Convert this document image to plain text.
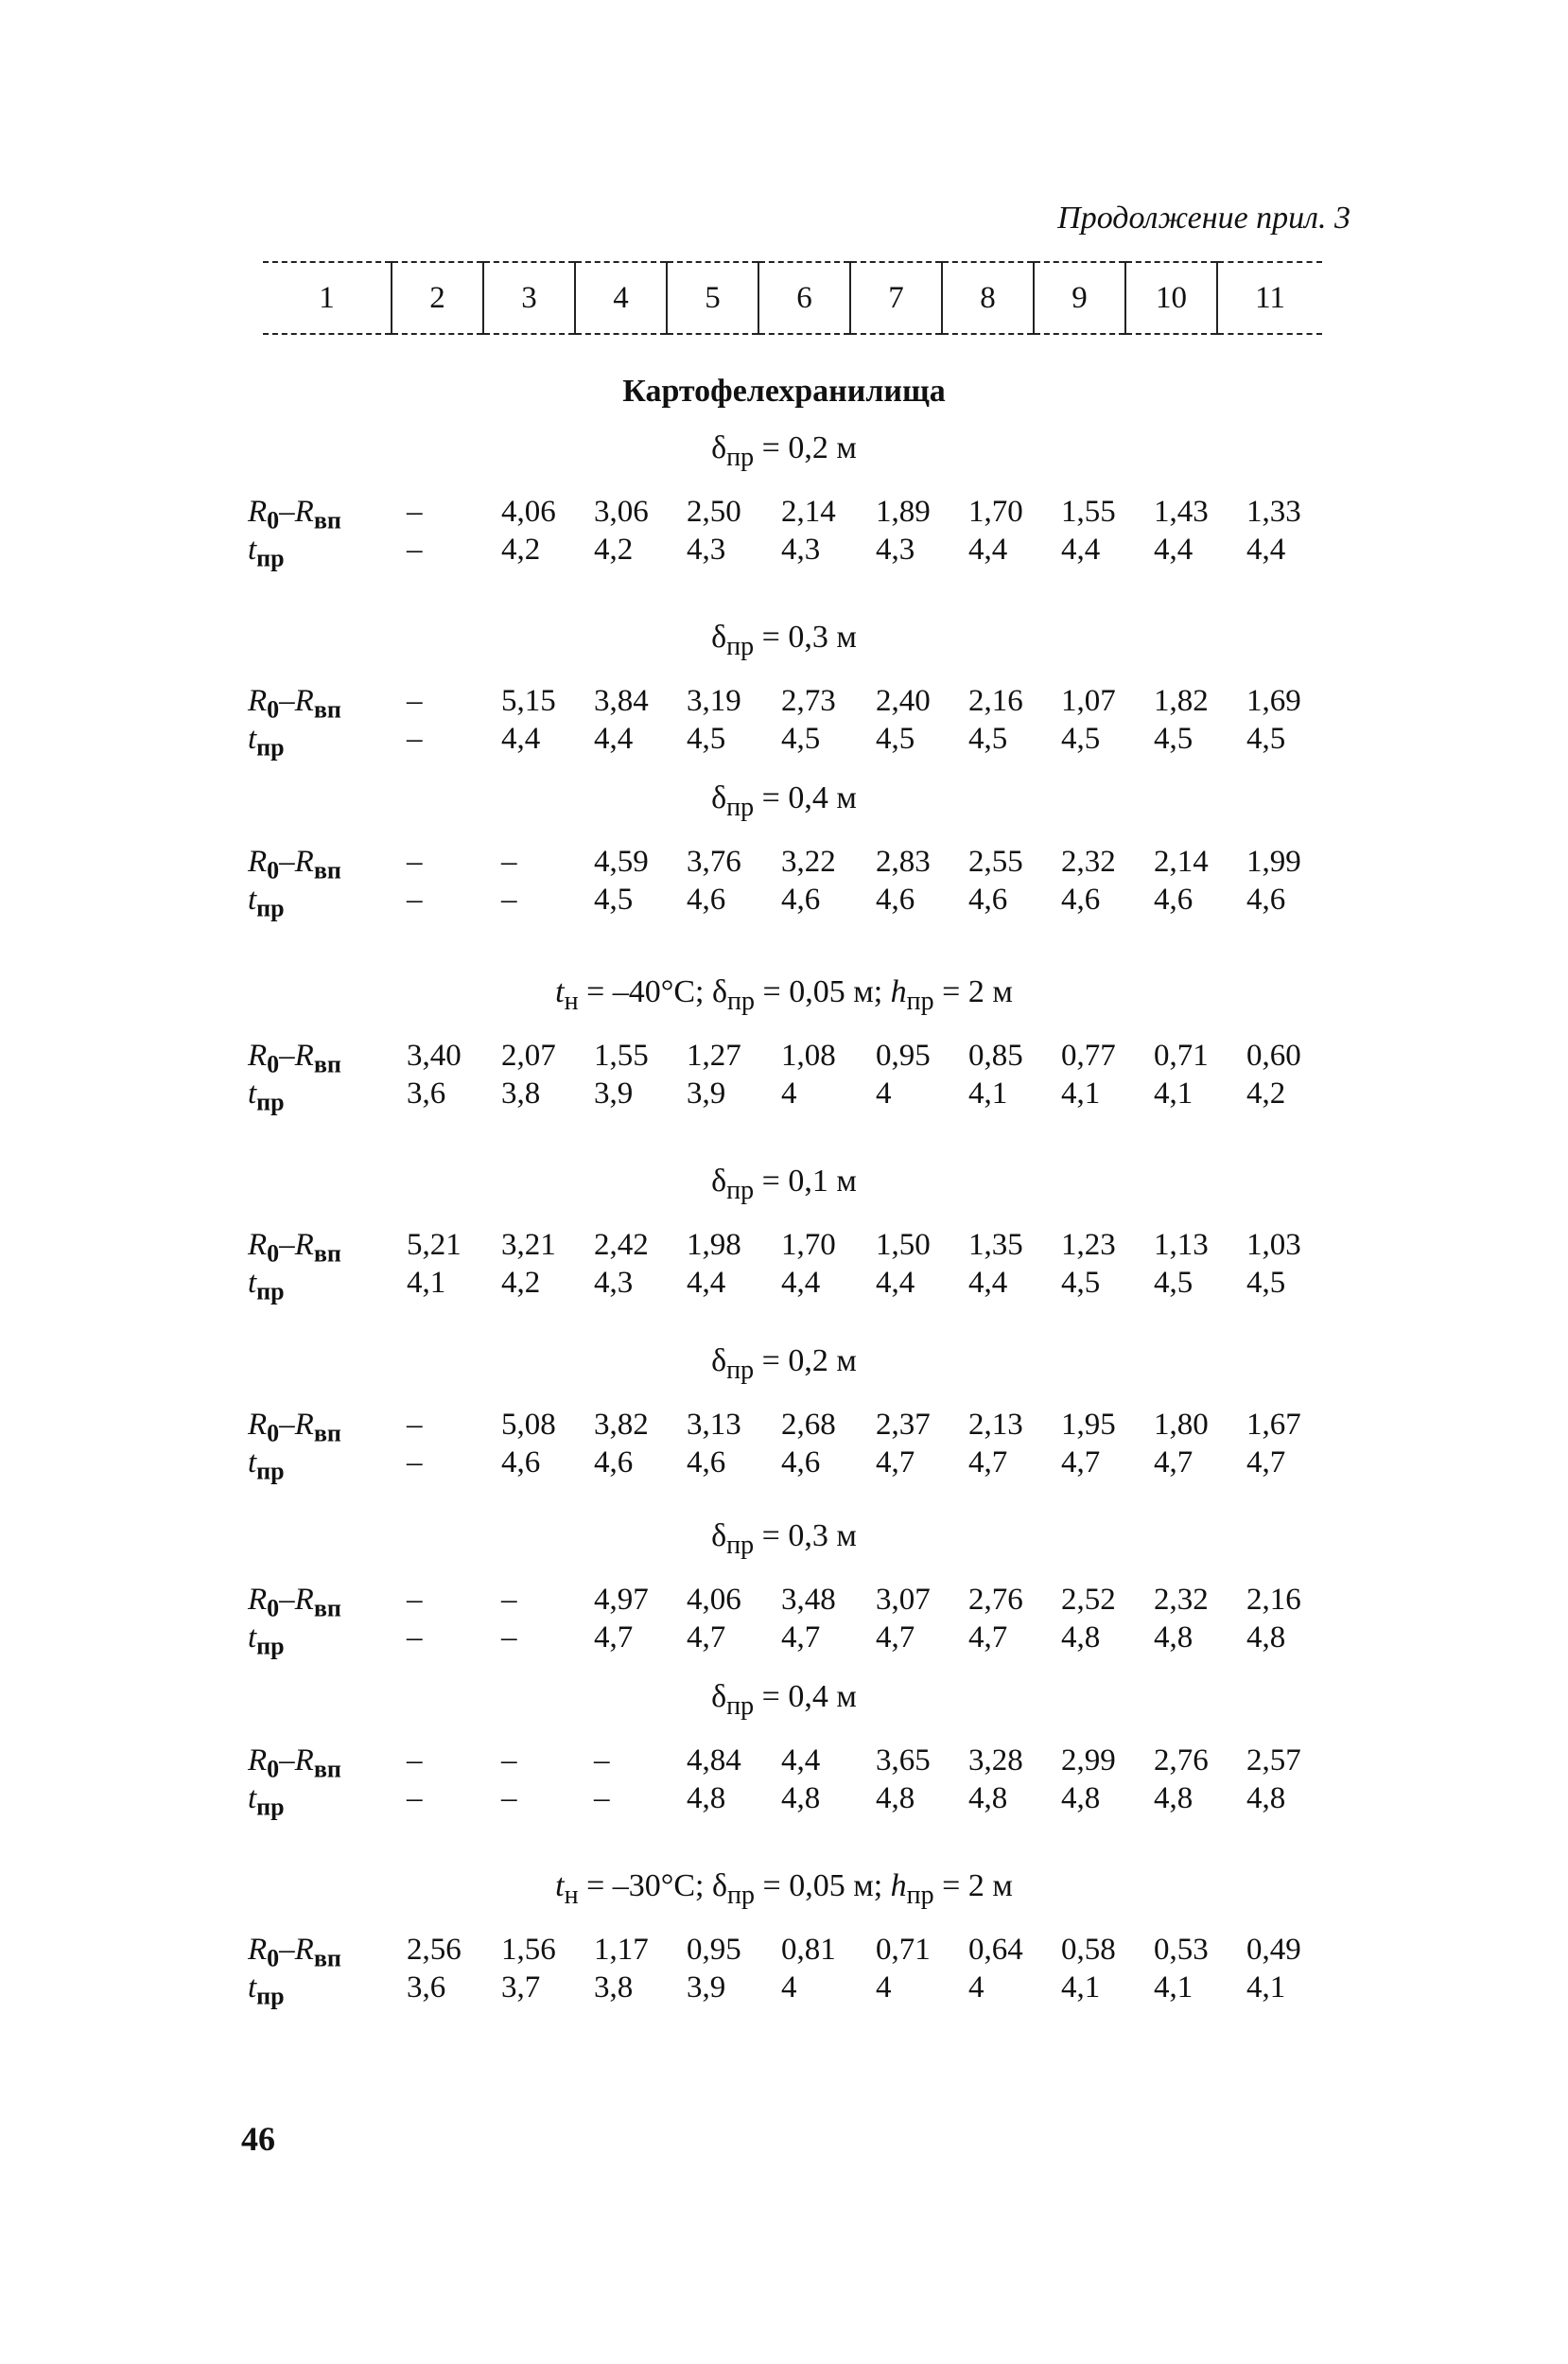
Продолжение прил. 3
1	2	3	4	5	6	7	8	9	10	11
Картофелехранилища
$\delta_{пр} = 0,2$ м
$R_0-R_{вп}$ –	4,06	3,06	2,50	2,14	1,89	1,70	1,55	1,43	1,33
$t_{пр}$	–	4,2	4,2	4,3	4,3	4,3	4,4	4,4	4,4	4,4
$\delta_{пр} = 0,3$ м
$R_0-R_{вп}$ –	5,15	3,84	3,19	2,73	2,40	2,16	1,07	1,82	1,69
$t_{пр}$	–	4,4	4,4	4,5	4,5	4,5	4,5	4,5	4,5	4,5
$\delta_{пр} = 0,4$ м
$R_0-R_{вп}$ –	–	4,59	3,76	3,22	2,83	2,55	2,32	2,14	1,99
$t_{пр}$	–	–	4,5	4,6	4,6	4,6	4,6	4,6	4,6	4,6
$t_н = -40^\circ С$; $\delta_{пр} = 0,05$ м; $h_{пр} = 2$ м
$R_0-R_{вп}$ 3,40	2,07	1,55	1,27	1,08	0,95	0,85	0,77	0,71	0,60
$t_{пр}$	3,6	3,8	3,9	3,9	4	4	4,1	4,1	4,1	4,2
$\delta_{пр} = 0,1$ м
$R_0-R_{вп}$ 5,21	3,21	2,42	1,98	1,70	1,50	1,35	1,23	1,13	1,03
$t_{пр}$	4,1	4,2	4,3	4,4	4,4	4,4	4,4	4,5	4,5	4,5
$\delta_{пр} = 0,2$ м
$R_0-R_{вп}$ –	5,08	3,82	3,13	2,68	2,37	2,13	1,95	1,80	1,67
$t_{пр}$	–	4,6	4,6	4,6	4,6	4,7	4,7	4,7	4,7	4,7
$\delta_{пр} = 0,3$ м
$R_0-R_{вп}$ –	–	4,97	4,06	3,48	3,07	2,76	2,52	2,32	2,16
$t_{пр}$	–	–	4,7	4,7	4,7	4,7	4,7	4,8	4,8	4,8
$\delta_{пр} = 0,4$ м
$R_0-R_{вп}$ –	–	–	4,84	4,4	3,65	3,28	2,99	2,76	2,57
$t_{пр}$	–	–	–	4,8	4,8	4,8	4,8	4,8	4,8	4,8
$t_н = -30^\circ С$; $\delta_{пр} = 0,05$ м; $h_{пр} = 2$ м
$R_0-R_{вп}$ 2,56	1,56	1,17	0,95	0,81	0,71	0,64	0,58	0,53	0,49
$t_{пр}$	3,6	3,7	3,8	3,9	4	4	4	4,1	4,1	4,1
46
